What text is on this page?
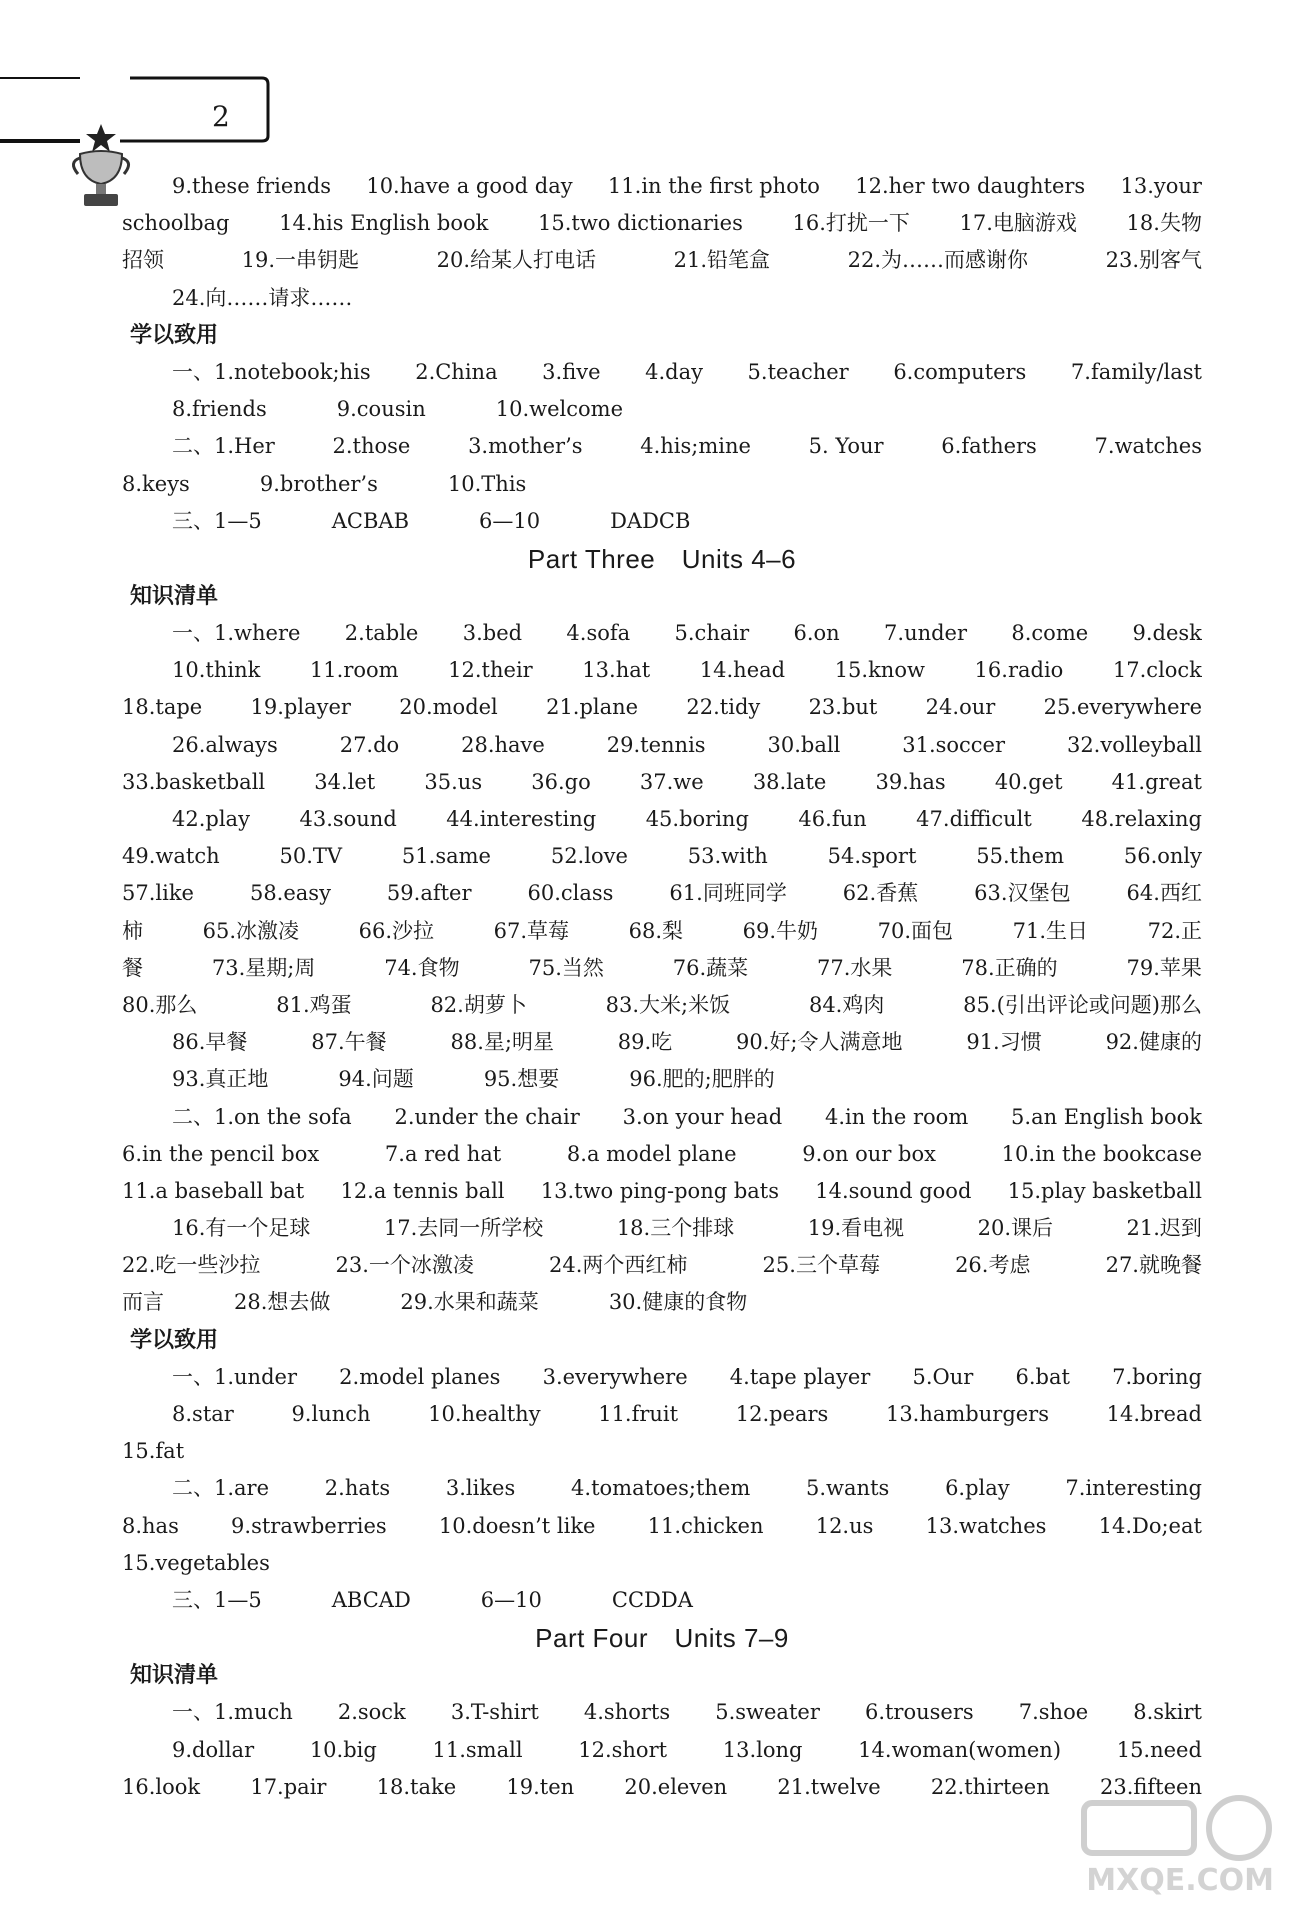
2
9.these friends 10.have a good day 11.in the first photo 12.her two daughters 13.your
schoolbag 14.his English book 15.two dictionaries 16.打扰一下 17.电脑游戏 18.失物
招领	19.一串钥匙	20.给某人打电话	21.铅笔盒	22.为……而感谢你	23.别客气
24.向……请求……
学以致用
一、1.notebook;his 2.China 3.five 4.day 5.teacher 6.computers 7.family/last
8.friends	9.cousin	10.welcome
二、1.Her	2.those	3.mother’s	4.his;mine	5. Your	6.fathers	7.watches
8.keys	9.brother’s	10.This
三、1—5	ACBAB	6—10	DADCB
Part Three　Units 4–6
知识清单
一、1.where 2.table 3.bed 4.sofa 5.chair 6.on 7.under 8.come 9.desk
10.think 11.room 12.their 13.hat 14.head 15.know 16.radio 17.clock
18.tape 19.player 20.model 21.plane 22.tidy 23.but 24.our 25.everywhere
26.always	27.do	28.have	29.tennis	30.ball	31.soccer	32.volleyball
33.basketball 34.let 35.us 36.go 37.we 38.late 39.has 40.get 41.great
42.play 43.sound 44.interesting 45.boring 46.fun 47.difficult 48.relaxing
49.watch	50.TV	51.same	52.love	53.with	54.sport	55.them	56.only
57.like	58.easy	59.after	60.class	61.同班同学	62.香蕉	63.汉堡包	64.西红
柿	65.冰激凌	66.沙拉	67.草莓	68.梨	69.牛奶	70.面包	71.生日	72.正
餐	73.星期;周	74.食物	75.当然	76.蔬菜	77.水果	78.正确的	79.苹果
80.那么	81.鸡蛋	82.胡萝卜	83.大米;米饭	84.鸡肉	85.(引出评论或问题)那么
86.早餐	87.午餐	88.星;明星	89.吃	90.好;令人满意地	91.习惯	92.健康的
93.真正地	94.问题	95.想要	96.肥的;肥胖的
二、1.on the sofa 2.under the chair 3.on your head 4.in the room 5.an English book
6.in the pencil box	7.a red hat	8.a model plane	9.on our box	10.in the bookcase
11.a baseball bat 12.a tennis ball 13.two ping-pong bats 14.sound good 15.play basketball
16.有一个足球	17.去同一所学校	18.三个排球	19.看电视	20.课后	21.迟到
22.吃一些沙拉	23.一个冰激凌	24.两个西红柿	25.三个草莓	26.考虑	27.就晚餐
而言	28.想去做	29.水果和蔬菜	30.健康的食物
学以致用
一、1.under 2.model planes 3.everywhere 4.tape player 5.Our 6.bat 7.boring
8.star	9.lunch	10.healthy	11.fruit	12.pears	13.hamburgers	14.bread
15.fat
二、1.are	2.hats	3.likes	4.tomatoes;them	5.wants	6.play	7.interesting
8.has 9.strawberries 10.doesn’t like 11.chicken 12.us 13.watches 14.Do;eat
15.vegetables
三、1—5	ABCAD	6—10	CCDDA
Part Four　Units 7–9
知识清单
一、1.much 2.sock 3.T-shirt 4.shorts 5.sweater 6.trousers 7.shoe 8.skirt
9.dollar	10.big	11.small	12.short	13.long	14.woman(women)	15.need
16.look 17.pair 18.take 19.ten 20.eleven 21.twelve 22.thirteen 23.fifteen
MXQE.COM
